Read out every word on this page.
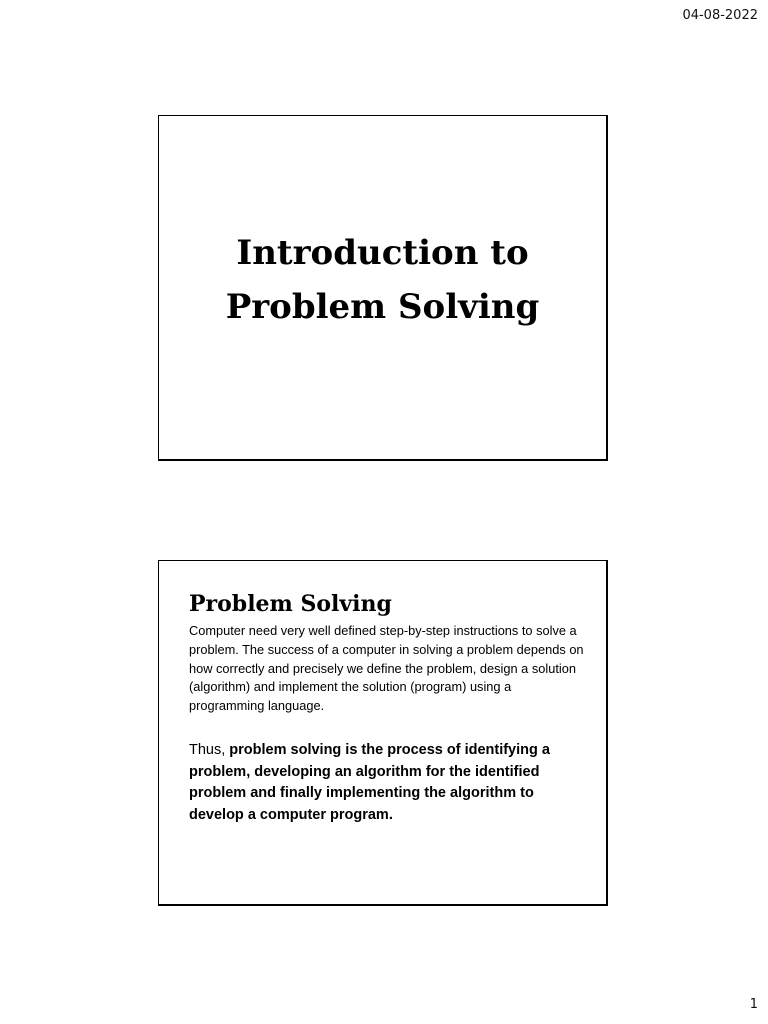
04-08-2022
Introduction to
Problem Solving
Problem Solving

Computer need very well defined step-by-step instructions to solve a problem. The success of a computer in solving a problem depends on how correctly and precisely we define the problem, design a solution (algorithm) and implement the solution (program) using a programming language.

Thus, problem solving is the process of identifying a problem, developing an algorithm for the identified problem and finally implementing the algorithm to develop a computer program.

1
